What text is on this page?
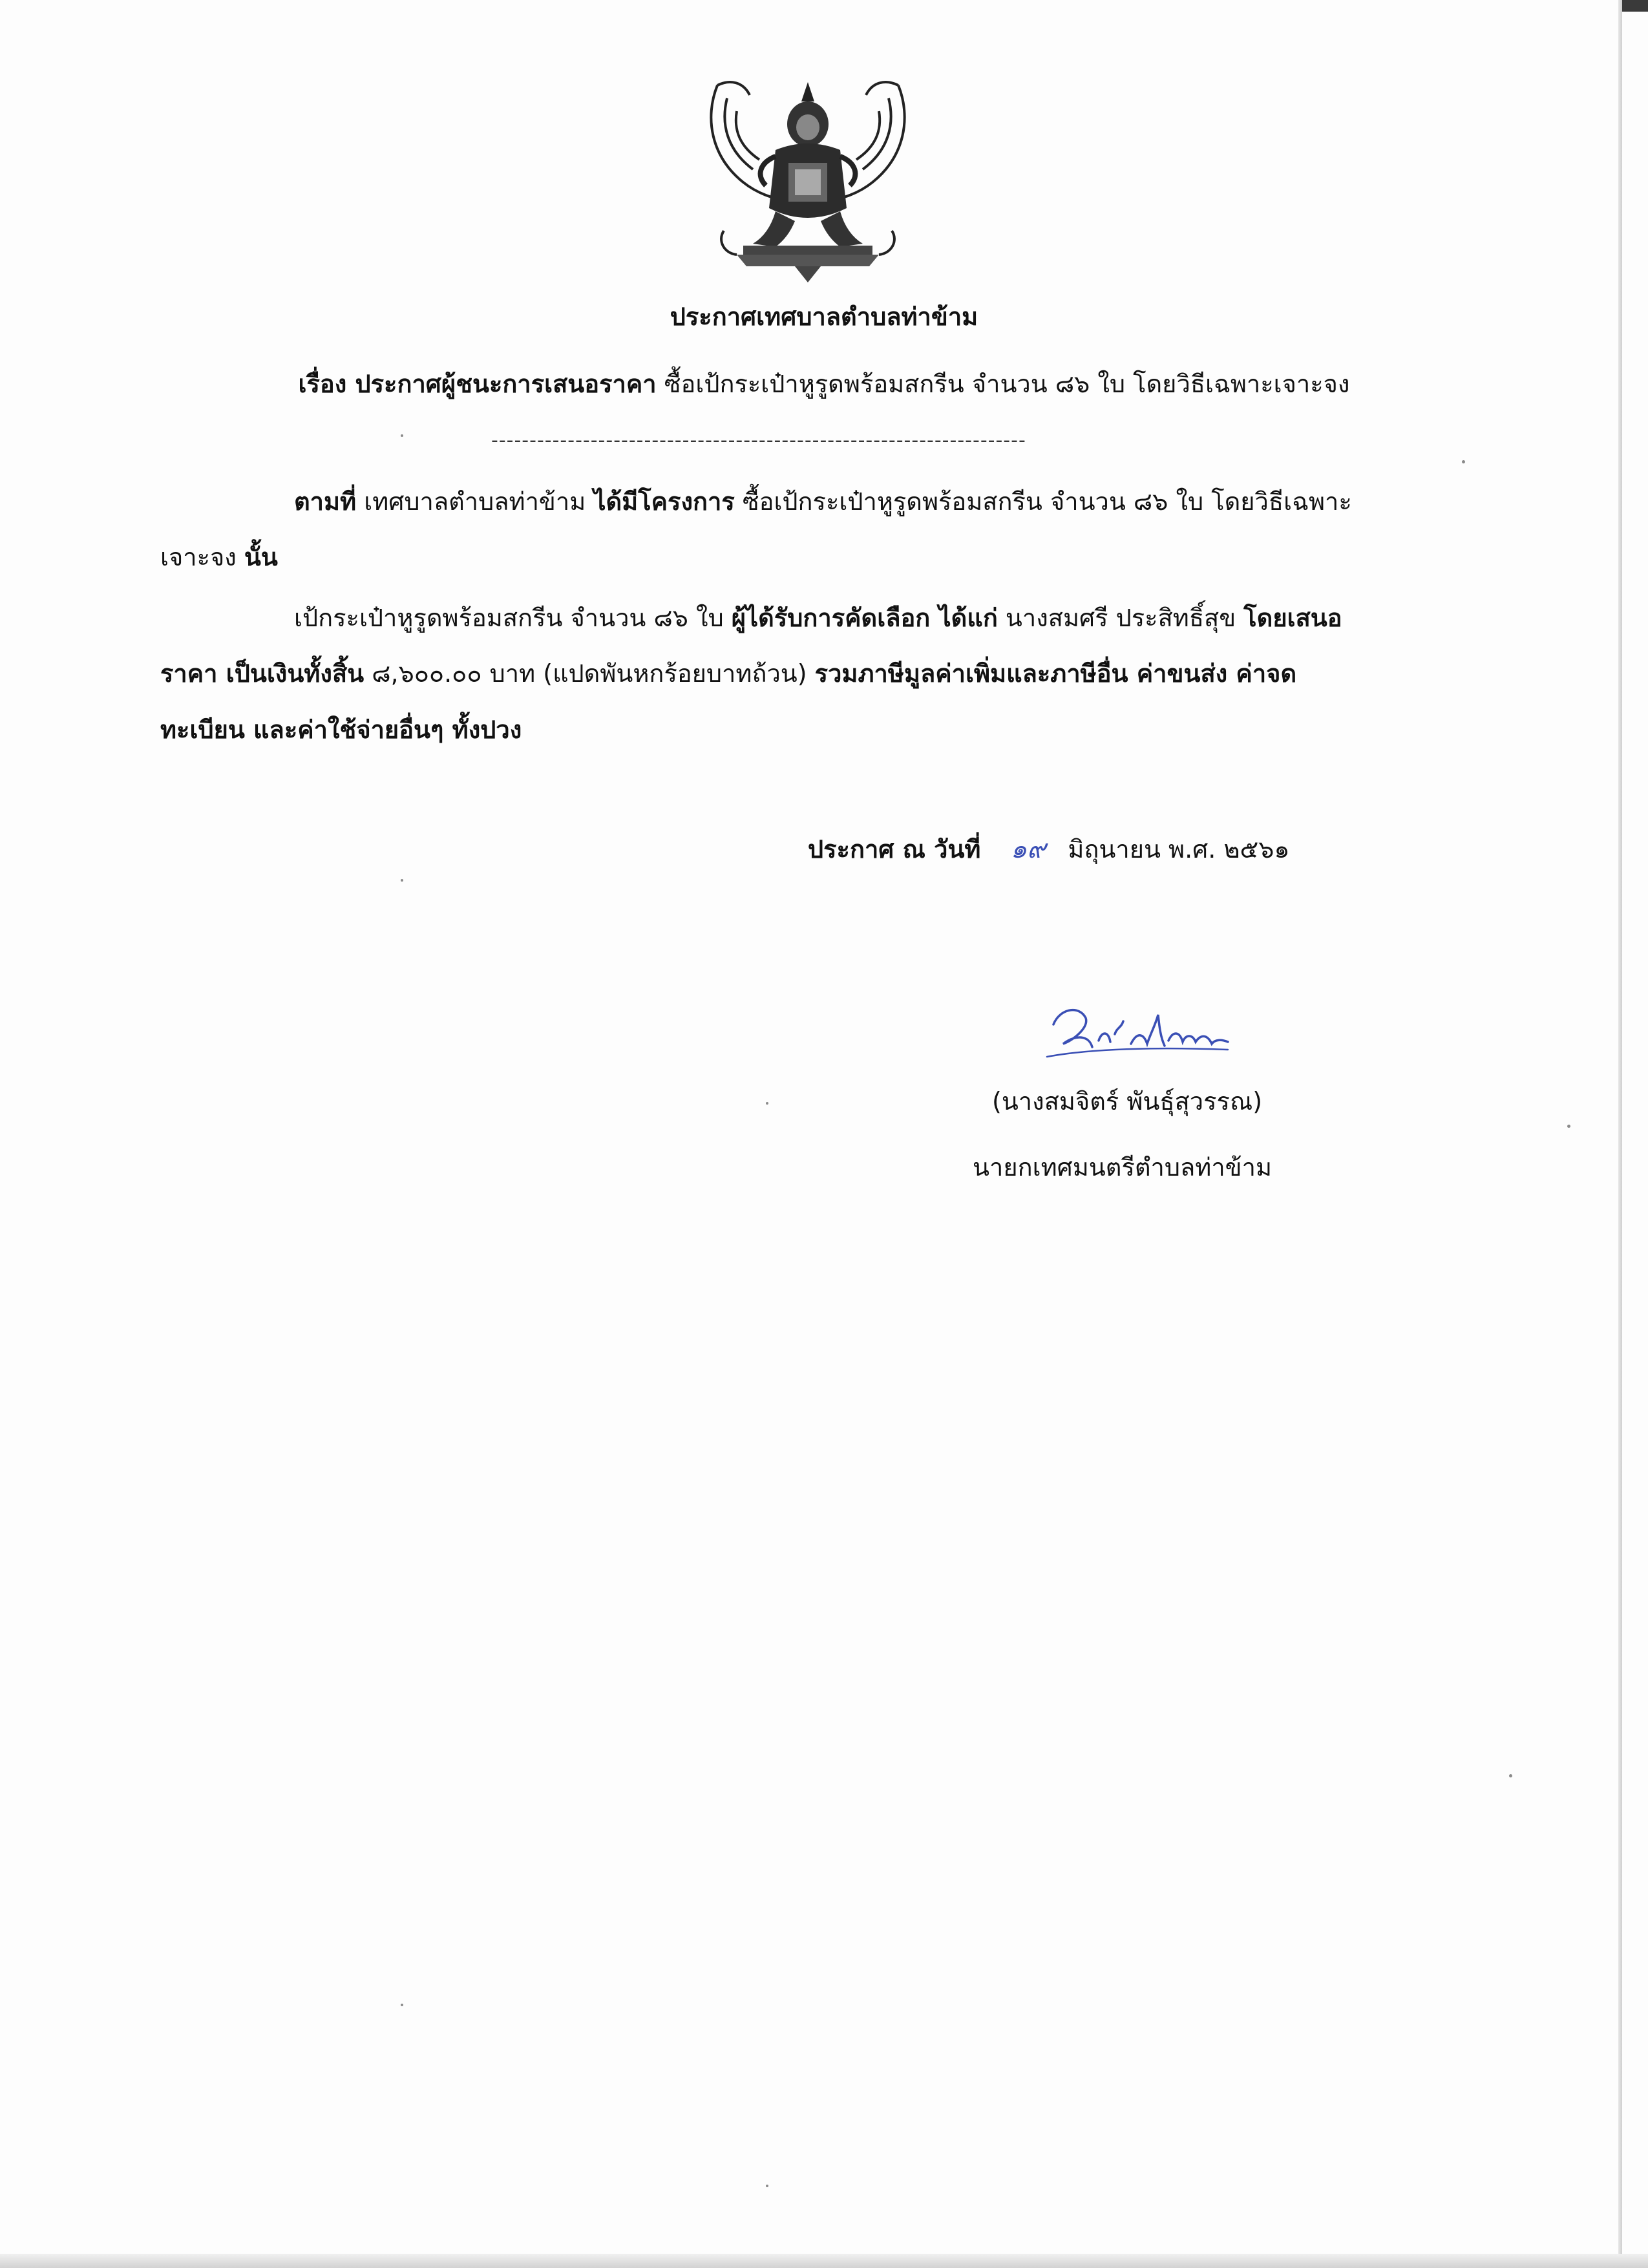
ประกาศเทศบาลตำบลท่าข้าม
เรื่อง ประกาศผู้ชนะการเสนอราคา ซื้อเป้กระเป๋าหูรูดพร้อมสกรีน จำนวน ๘๖ ใบ โดยวิธีเฉพาะเจาะจง
----------------------------------------------------------------------
ตามที่ เทศบาลตำบลท่าข้าม ได้มีโครงการ ซื้อเป้กระเป๋าหูรูดพร้อมสกรีน จำนวน ๘๖ ใบ โดยวิธีเฉพาะ
เจาะจง นั้น
เป้กระเป๋าหูรูดพร้อมสกรีน จำนวน ๘๖ ใบ ผู้ได้รับการคัดเลือก ได้แก่ นางสมศรี ประสิทธิ์สุข โดยเสนอ
ราคา เป็นเงินทั้งสิ้น ๘,๖๐๐.๐๐ บาท (แปดพันหกร้อยบาทถ้วน) รวมภาษีมูลค่าเพิ่มและภาษีอื่น ค่าขนส่ง ค่าจด
ทะเบียน และค่าใช้จ่ายอื่นๆ ทั้งปวง
ประกาศ ณ วันที่ ๑๙ มิถุนายน พ.ศ. ๒๕๖๑
(นางสมจิตร์ พันธุ์สุวรรณ)
นายกเทศมนตรีตำบลท่าข้าม
